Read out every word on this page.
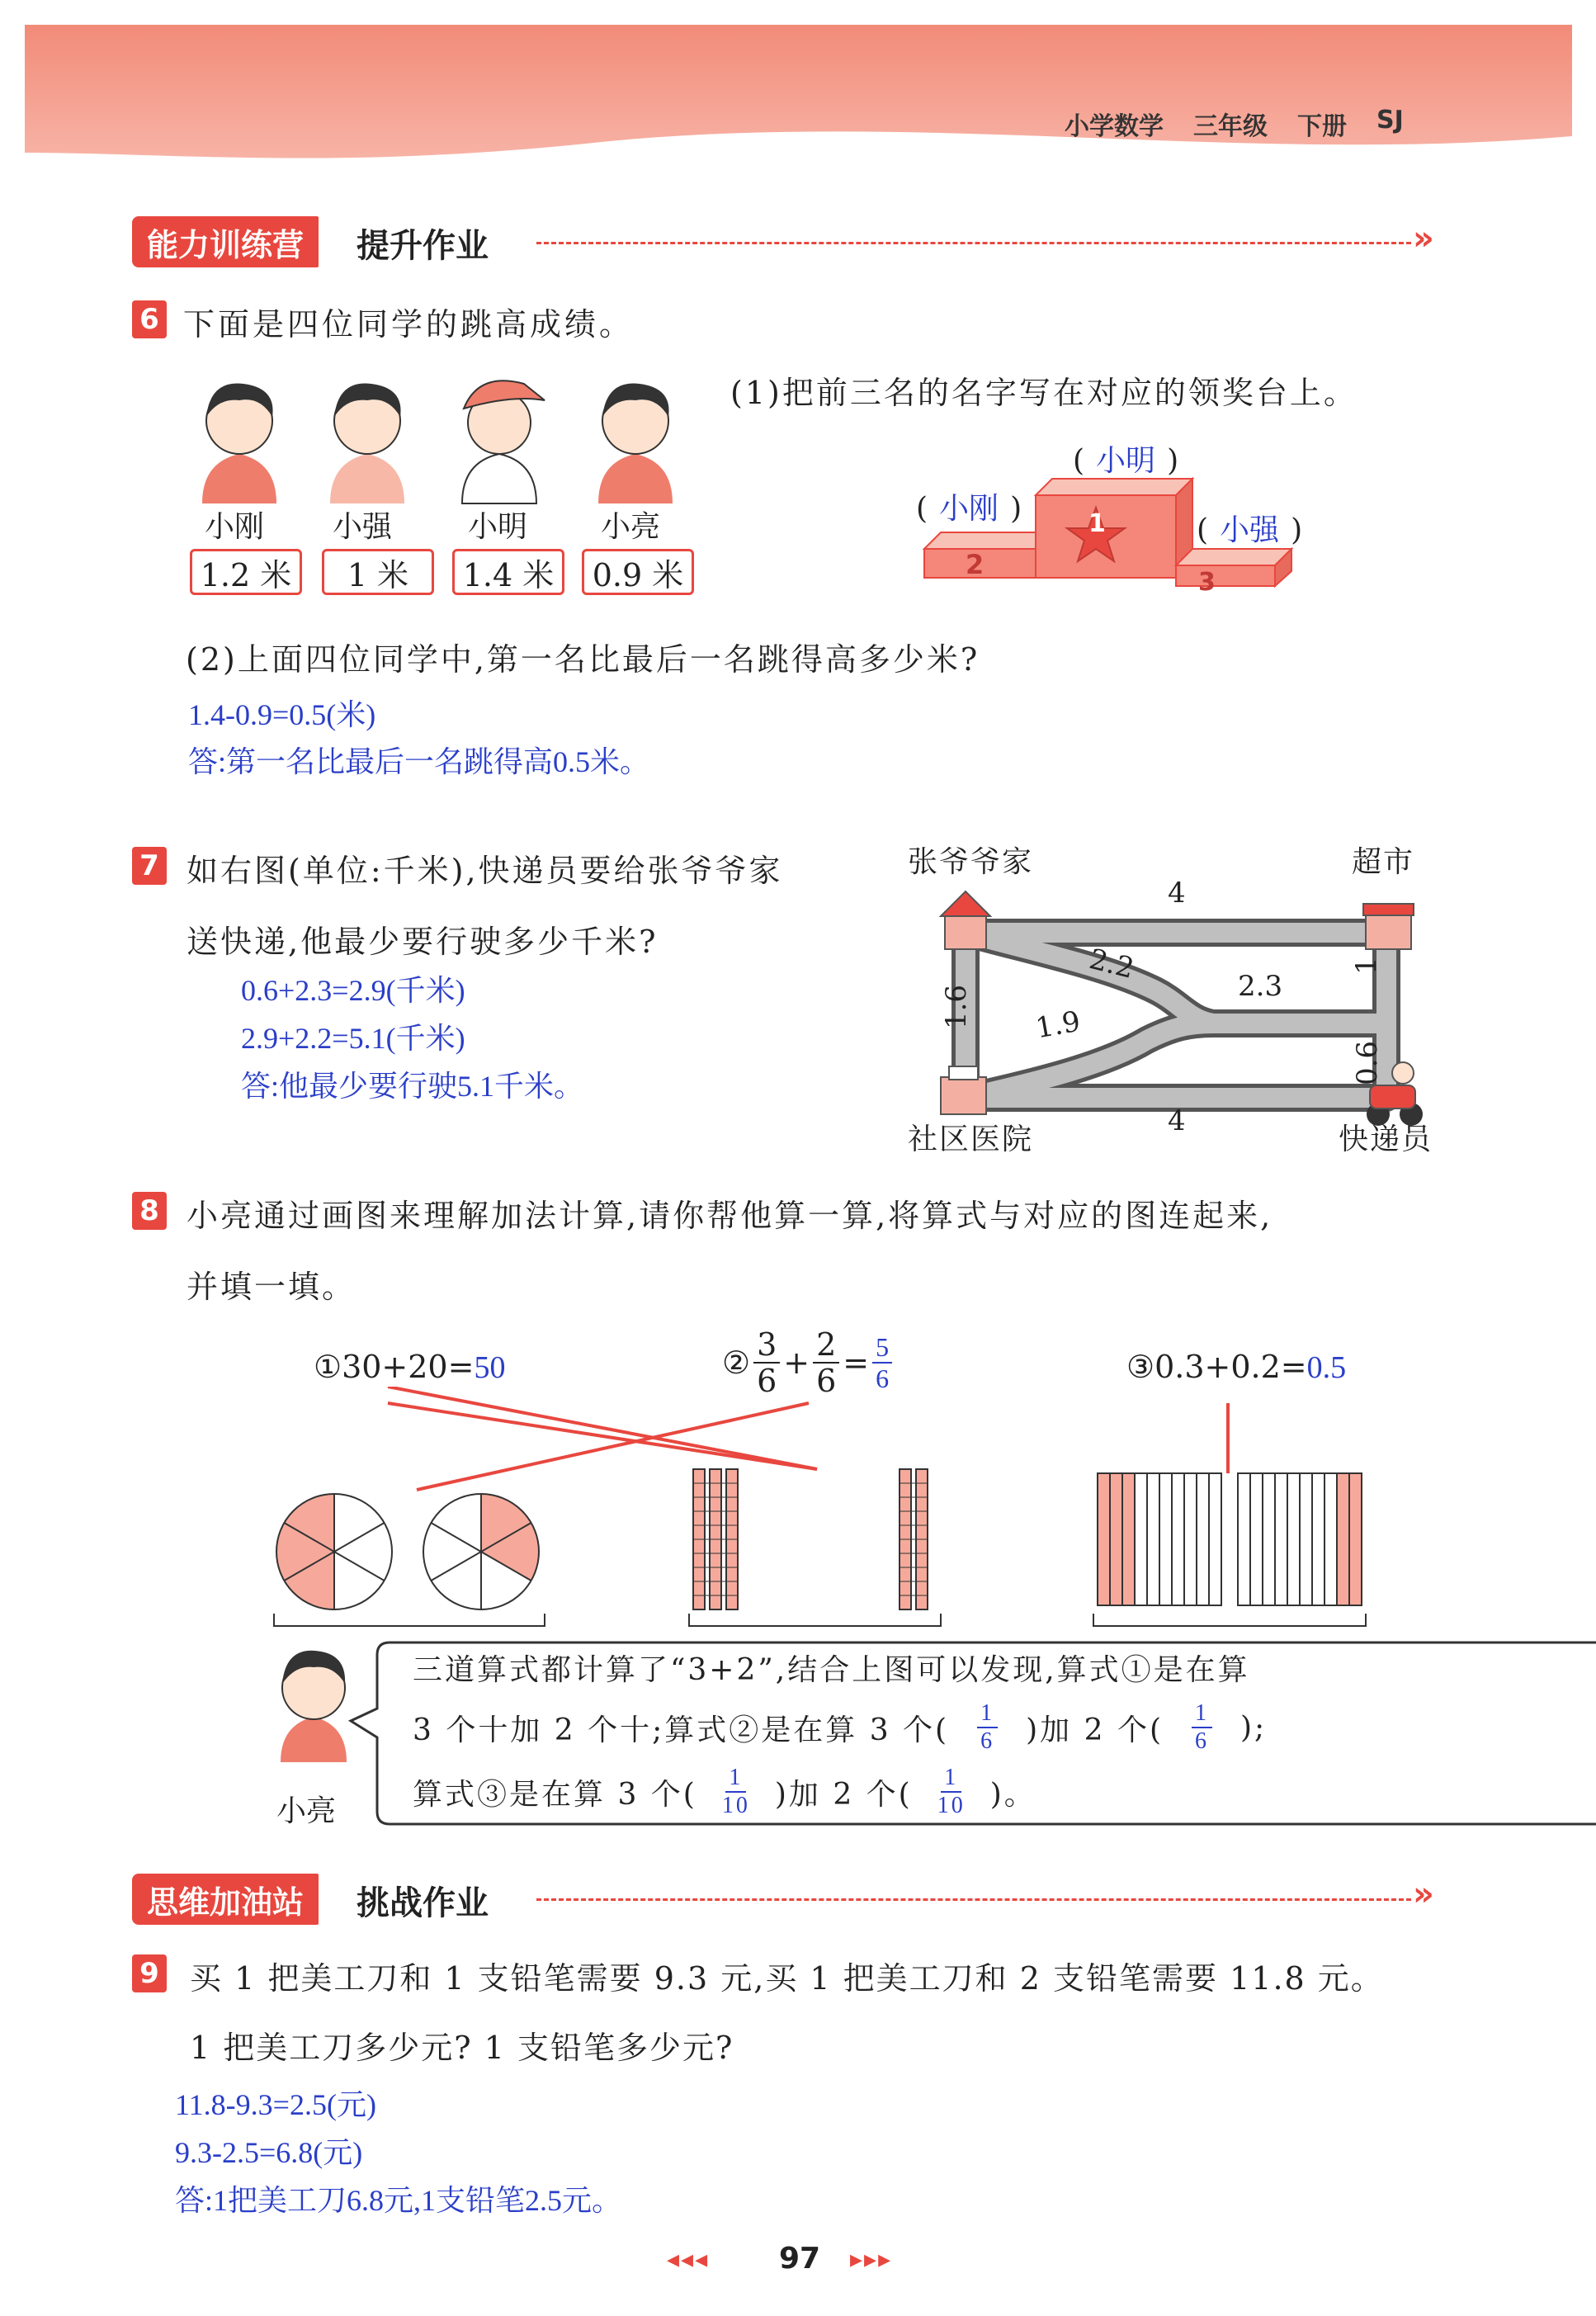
小学数学 三年级 下册 SJ
能力训练营	提升作业	»
6 下面是四位同学的跳高成绩。
小刚 小强	小明 小亮
1.2 米	1 米	1.4 米	0.9 米
(1)把前三名的名字写在对应的领奖台上。
1
2
3
( 小明 )
( 小刚 )
( 小强 )
(2)上面四位同学中,第一名比最后一名跳得高多少米?
1.4-0.9=0.5(米)
答:第一名比最后一名跳得高0.5米。
7 如右图(单位:千米),快递员要给张爷爷家
送快递,他最少要行驶多少千米?
0.6+2.3=2.9(千米)
2.9+2.2=5.1(千米)
答:他最少要行驶5.1千米。
张爷爷家	超市
社区医院	快递员
4
4
1.6
1
0.6
2.2
1.9
2.3
8 小亮通过画图来理解加法计算,请你帮他算一算,将算式与对应的图连起来,
并填一填。
①30+20=50	② $\frac{3}{6} + \frac{2}{6} = \frac{5}{6}$	③0.3+0.2=0.5
小亮
三道算式都计算了“3+2”,结合上图可以发现,算式①是在算
3 个十加 2 个十;算式②是在算 3 个( $\frac{1}{6}$ )加 2 个( $\frac{1}{6}$ );
算式③是在算 3 个( $\frac{1}{10}$ )加 2 个( $\frac{1}{10}$ )。
思维加油站	挑战作业	»
9 买 1 把美工刀和 1 支铅笔需要 9.3 元,买 1 把美工刀和 2 支铅笔需要 11.8 元。
1 把美工刀多少元? 1 支铅笔多少元?
11.8-9.3=2.5(元)
9.3-2.5=6.8(元)
答:1把美工刀6.8元,1支铅笔2.5元。
◂◂◂ 97 ▸▸▸
